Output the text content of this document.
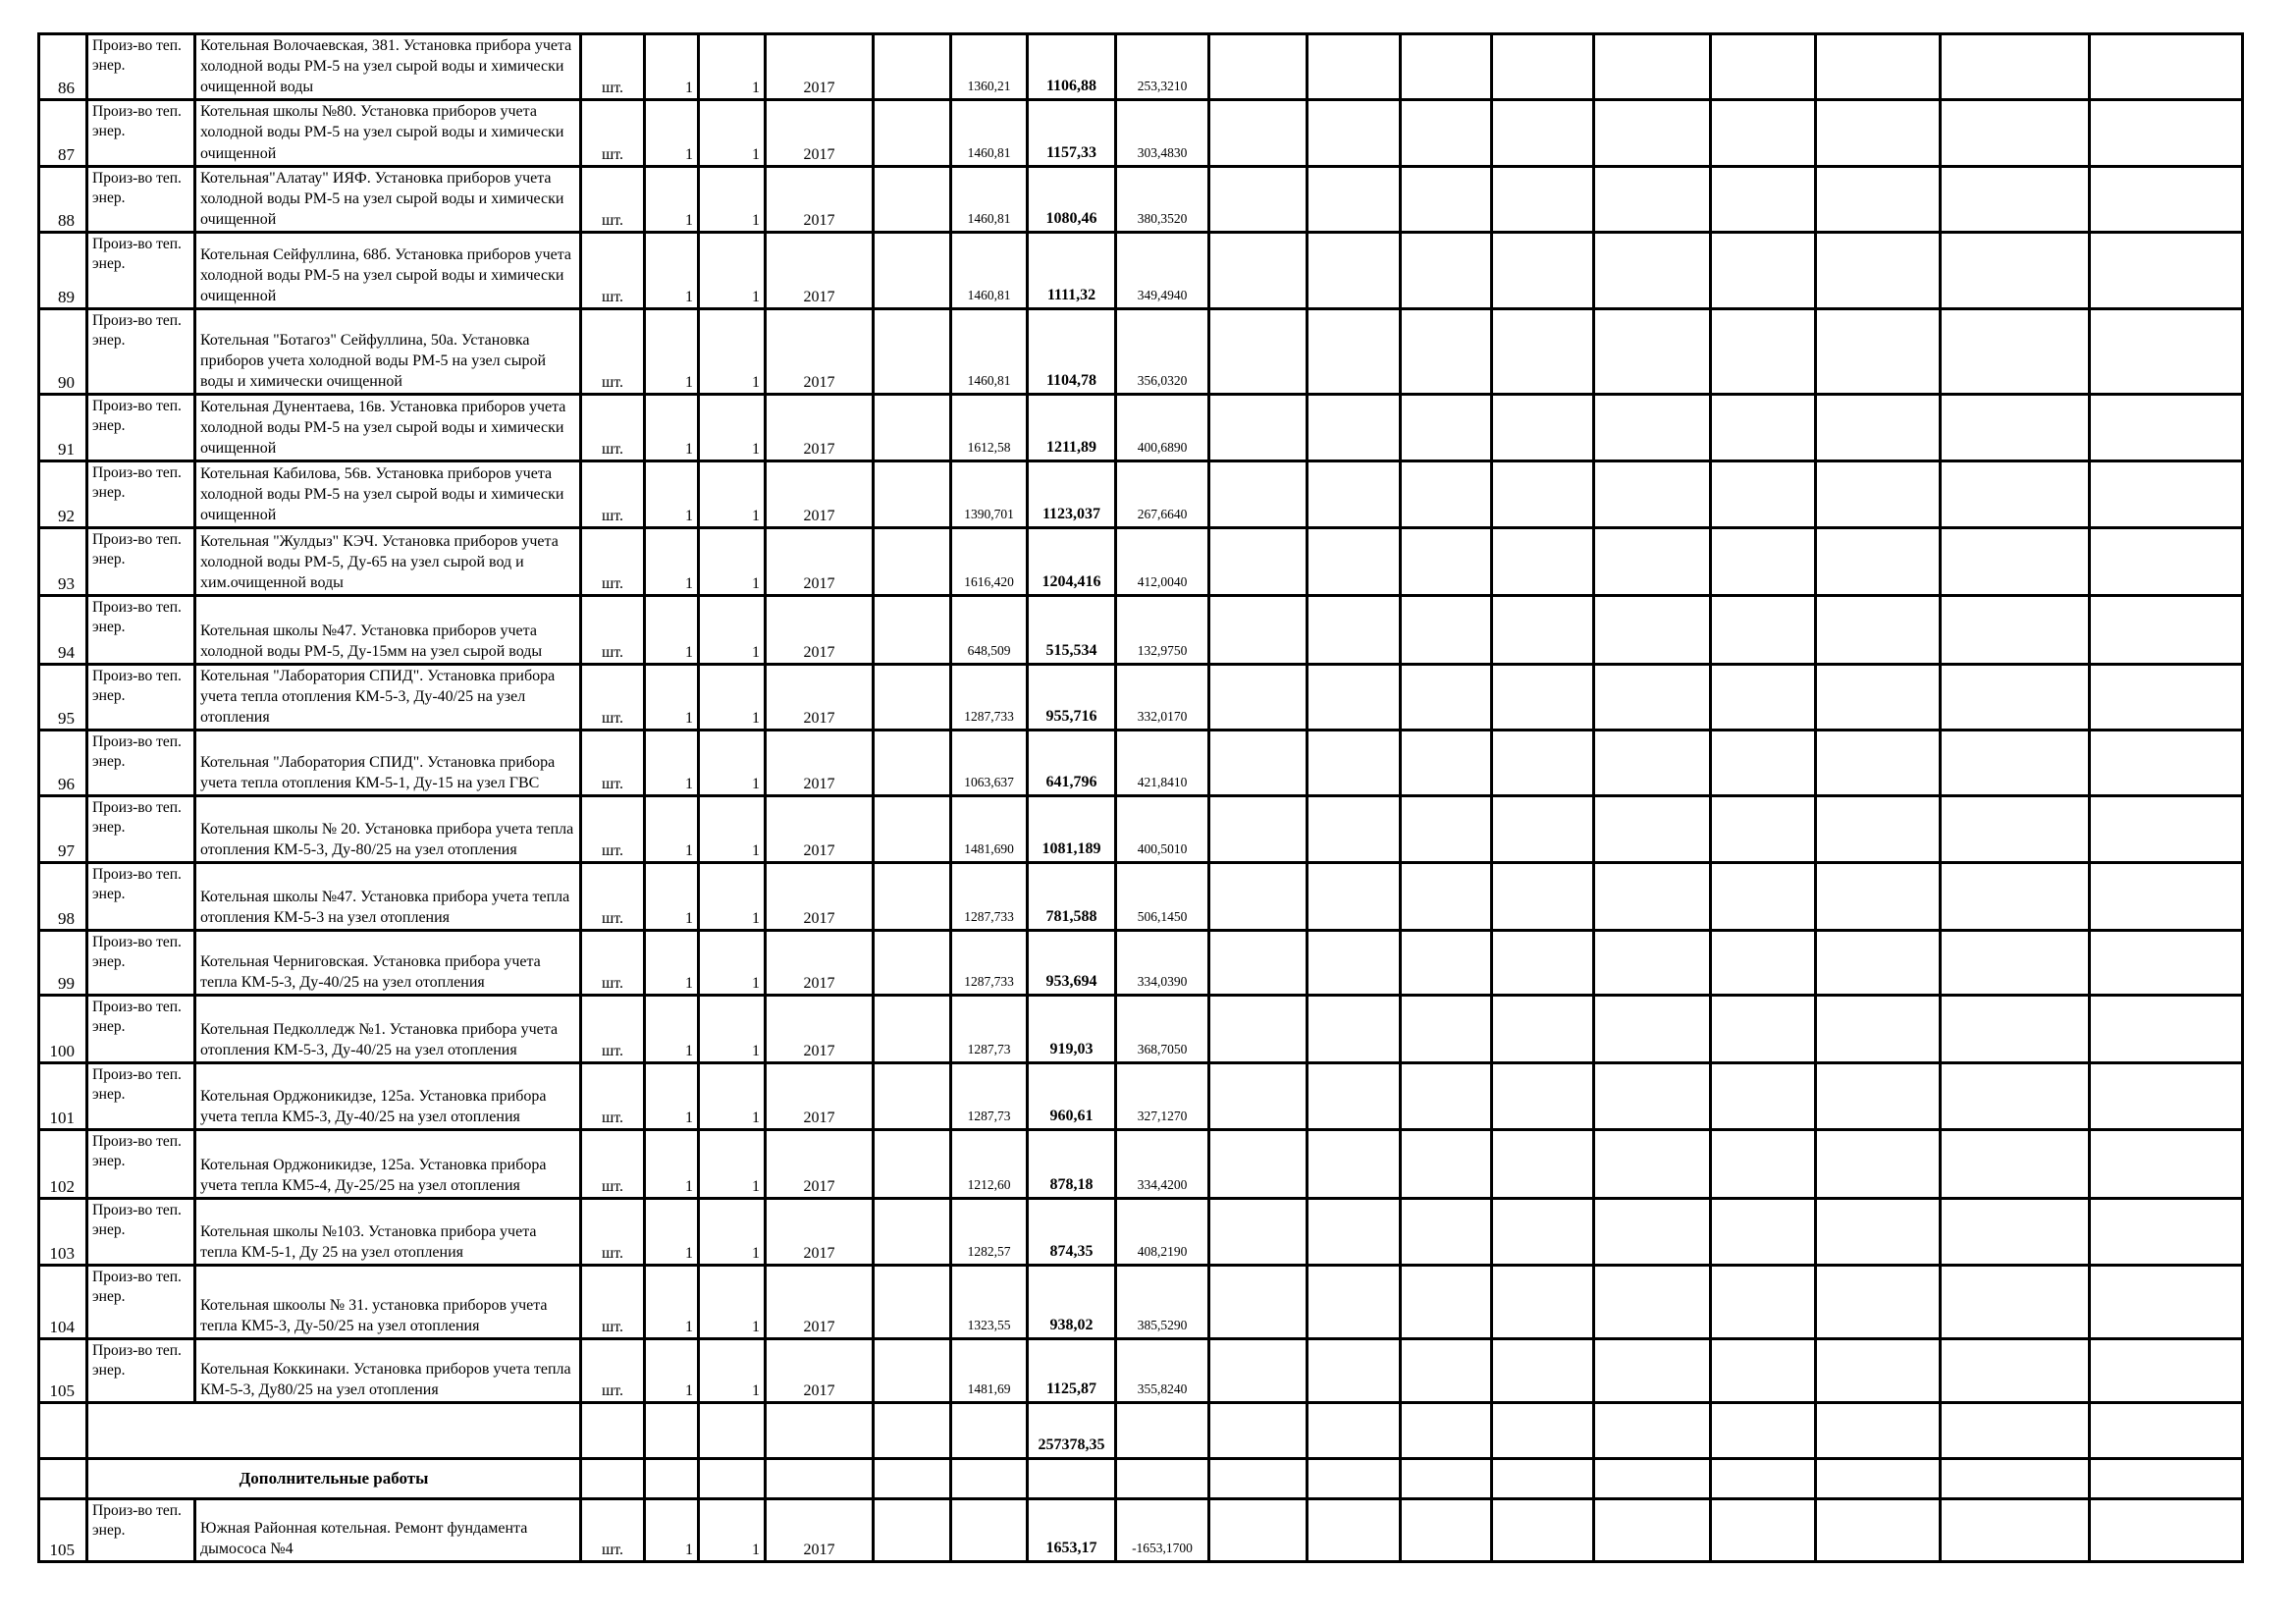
86	Произ-во теп. энер.	Котельная Волочаевская, 381. Установка прибора учета холодной воды РМ-5 на узел сырой воды и химически очищенной воды	шт.	1	1	2017		1360,21	1106,88	253,3210									
87	Произ-во теп. энер.	Котельная школы №80. Установка приборов учета холодной воды РМ-5 на узел сырой воды и химически очищенной	шт.	1	1	2017		1460,81	1157,33	303,4830									
88	Произ-во теп. энер.	Котельная"Алатау" ИЯФ. Установка приборов учета холодной воды РМ-5 на узел сырой воды и химически очищенной	шт.	1	1	2017		1460,81	1080,46	380,3520									
89	Произ-во теп. энер.	Котельная Сейфуллина, 68б. Установка приборов учета холодной воды РМ-5 на узел сырой воды и химически очищенной	шт.	1	1	2017		1460,81	1111,32	349,4940									
90	Произ-во теп. энер.	Котельная "Ботагоз" Сейфуллина, 50а. Установка приборов учета холодной воды РМ-5 на узел сырой воды и химически очищенной	шт.	1	1	2017		1460,81	1104,78	356,0320									
91	Произ-во теп. энер.	Котельная Дунентаева, 16в. Установка приборов учета холодной воды РМ-5 на узел сырой воды и химически очищенной	шт.	1	1	2017		1612,58	1211,89	400,6890									
92	Произ-во теп. энер.	Котельная Кабилова, 56в. Установка приборов учета холодной воды РМ-5 на узел сырой воды и химически очищенной	шт.	1	1	2017		1390,701	1123,037	267,6640									
93	Произ-во теп. энер.	Котельная "Жулдыз" КЭЧ. Установка приборов учета холодной воды РМ-5, Ду-65 на узел сырой вод и хим.очищенной воды	шт.	1	1	2017		1616,420	1204,416	412,0040									
94	Произ-во теп. энер.	Котельная школы №47. Установка приборов учета холодной воды РМ-5, Ду-15мм на узел сырой воды	шт.	1	1	2017		648,509	515,534	132,9750									
95	Произ-во теп. энер.	Котельная "Лаборатория СПИД". Установка прибора учета тепла отопления КМ-5-3, Ду-40/25 на узел отопления	шт.	1	1	2017		1287,733	955,716	332,0170									
96	Произ-во теп. энер.	Котельная "Лаборатория СПИД". Установка прибора учета тепла отопления КМ-5-1, Ду-15 на узел ГВС	шт.	1	1	2017		1063,637	641,796	421,8410									
97	Произ-во теп. энер.	Котельная школы № 20. Установка прибора учета тепла отопления КМ-5-3, Ду-80/25 на узел отопления	шт.	1	1	2017		1481,690	1081,189	400,5010									
98	Произ-во теп. энер.	Котельная школы №47. Установка прибора учета тепла отопления КМ-5-3 на узел отопления	шт.	1	1	2017		1287,733	781,588	506,1450									
99	Произ-во теп. энер.	Котельная Черниговская. Установка прибора учета тепла КМ-5-3, Ду-40/25 на узел отопления	шт.	1	1	2017		1287,733	953,694	334,0390									
100	Произ-во теп. энер.	Котельная Педколледж №1. Установка прибора учета отопления КМ-5-3, Ду-40/25 на узел отопления	шт.	1	1	2017		1287,73	919,03	368,7050									
101	Произ-во теп. энер.	Котельная Орджоникидзе, 125а. Установка прибора учета тепла КМ5-3, Ду-40/25 на узел отопления	шт.	1	1	2017		1287,73	960,61	327,1270									
102	Произ-во теп. энер.	Котельная Орджоникидзе, 125а. Установка прибора учета тепла КМ5-4, Ду-25/25 на узел отопления	шт.	1	1	2017		1212,60	878,18	334,4200									
103	Произ-во теп. энер.	Котельная школы №103. Установка прибора учета тепла КМ-5-1, Ду 25 на узел отопления	шт.	1	1	2017		1282,57	874,35	408,2190									
104	Произ-во теп. энер.	Котельная шкоолы № 31. установка приборов учета тепла КМ5-3, Ду-50/25 на узел отопления	шт.	1	1	2017		1323,55	938,02	385,5290									
105	Произ-во теп. энер.	Котельная Коккинаки. Установка приборов учета тепла КМ-5-3, Ду80/25 на узел отопления	шт.	1	1	2017		1481,69	1125,87	355,8240									
									257378,35										
	Дополнительные работы																		
105	Произ-во теп. энер.	Южная Районная котельная. Ремонт фундамента дымососа №4	шт.	1	1	2017			1653,17	-1653,1700									
